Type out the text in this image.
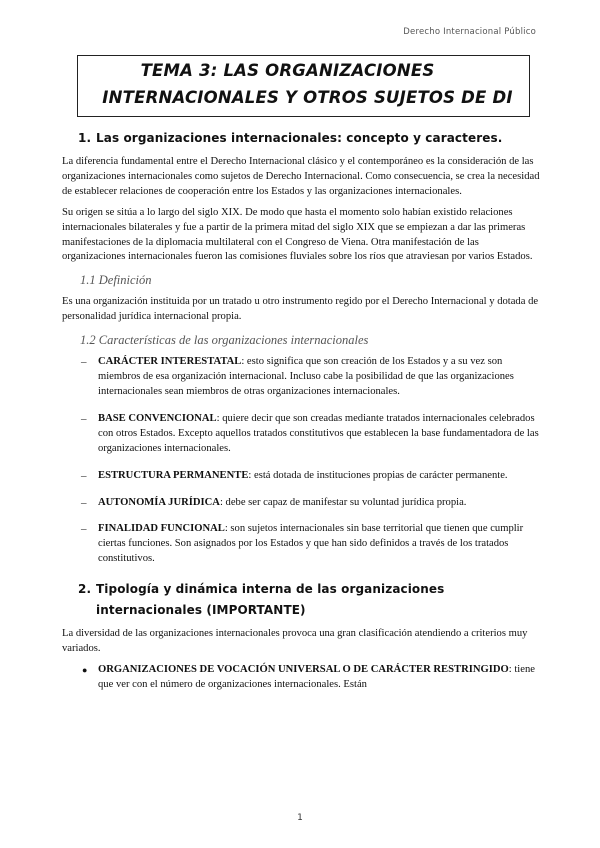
Derecho Internacional Público
TEMA 3: LAS ORGANIZACIONES
INTERNACIONALES Y OTROS SUJETOS DE DI
1. Las organizaciones internacionales: concepto y caracteres.

La diferencia fundamental entre el Derecho Internacional clásico y el contemporáneo es la consideración de las organizaciones internacionales como sujetos de Derecho Internacional. Como consecuencia, se crea la necesidad de establecer relaciones de cooperación entre los Estados y las organizaciones internacionales.

Su origen se sitúa a lo largo del siglo XIX. De modo que hasta el momento solo habían existido relaciones internacionales bilaterales y fue a partir de la primera mitad del siglo XIX que se empiezan a dar las primeras manifestaciones de la diplomacia multilateral con el Congreso de Viena. Otra manifestación de las organizaciones internacionales fueron las comisiones fluviales sobre los ríos que atraviesan por varios Estados.

1.1 Definición

Es una organización instituida por un tratado u otro instrumento regido por el Derecho Internacional y dotada de personalidad jurídica internacional propia.

1.2 Características de las organizaciones internacionales
–	CARÁCTER INTERESTATAL: esto significa que son creación de los Estados y a su vez son miembros de esa organización internacional. Incluso cabe la posibilidad de que las organizaciones internacionales sean miembros de otras organizaciones internacionales.
–	BASE CONVENCIONAL: quiere decir que son creadas mediante tratados internacionales celebrados con otros Estados. Excepto aquellos tratados constitutivos que establecen la base fundamentadora de las organizaciones internacionales.
–	ESTRUCTURA PERMANENTE: está dotada de instituciones propias de carácter permanente.
–	AUTONOMÍA JURÍDICA: debe ser capaz de manifestar su voluntad jurídica propia.
–	FINALIDAD FUNCIONAL: son sujetos internacionales sin base territorial que tienen que cumplir ciertas funciones. Son asignados por los Estados y que han sido definidos a través de los tratados constitutivos.
2. Tipología y dinámica interna de las organizaciones
internacionales (IMPORTANTE)

La diversidad de las organizaciones internacionales provoca una gran clasificación atendiendo a criterios muy variados.

● ORGANIZACIONES DE VOCACIÓN UNIVERSAL O DE CARÁCTER RESTRINGIDO: tiene que ver con el número de organizaciones internacionales. Están
1
